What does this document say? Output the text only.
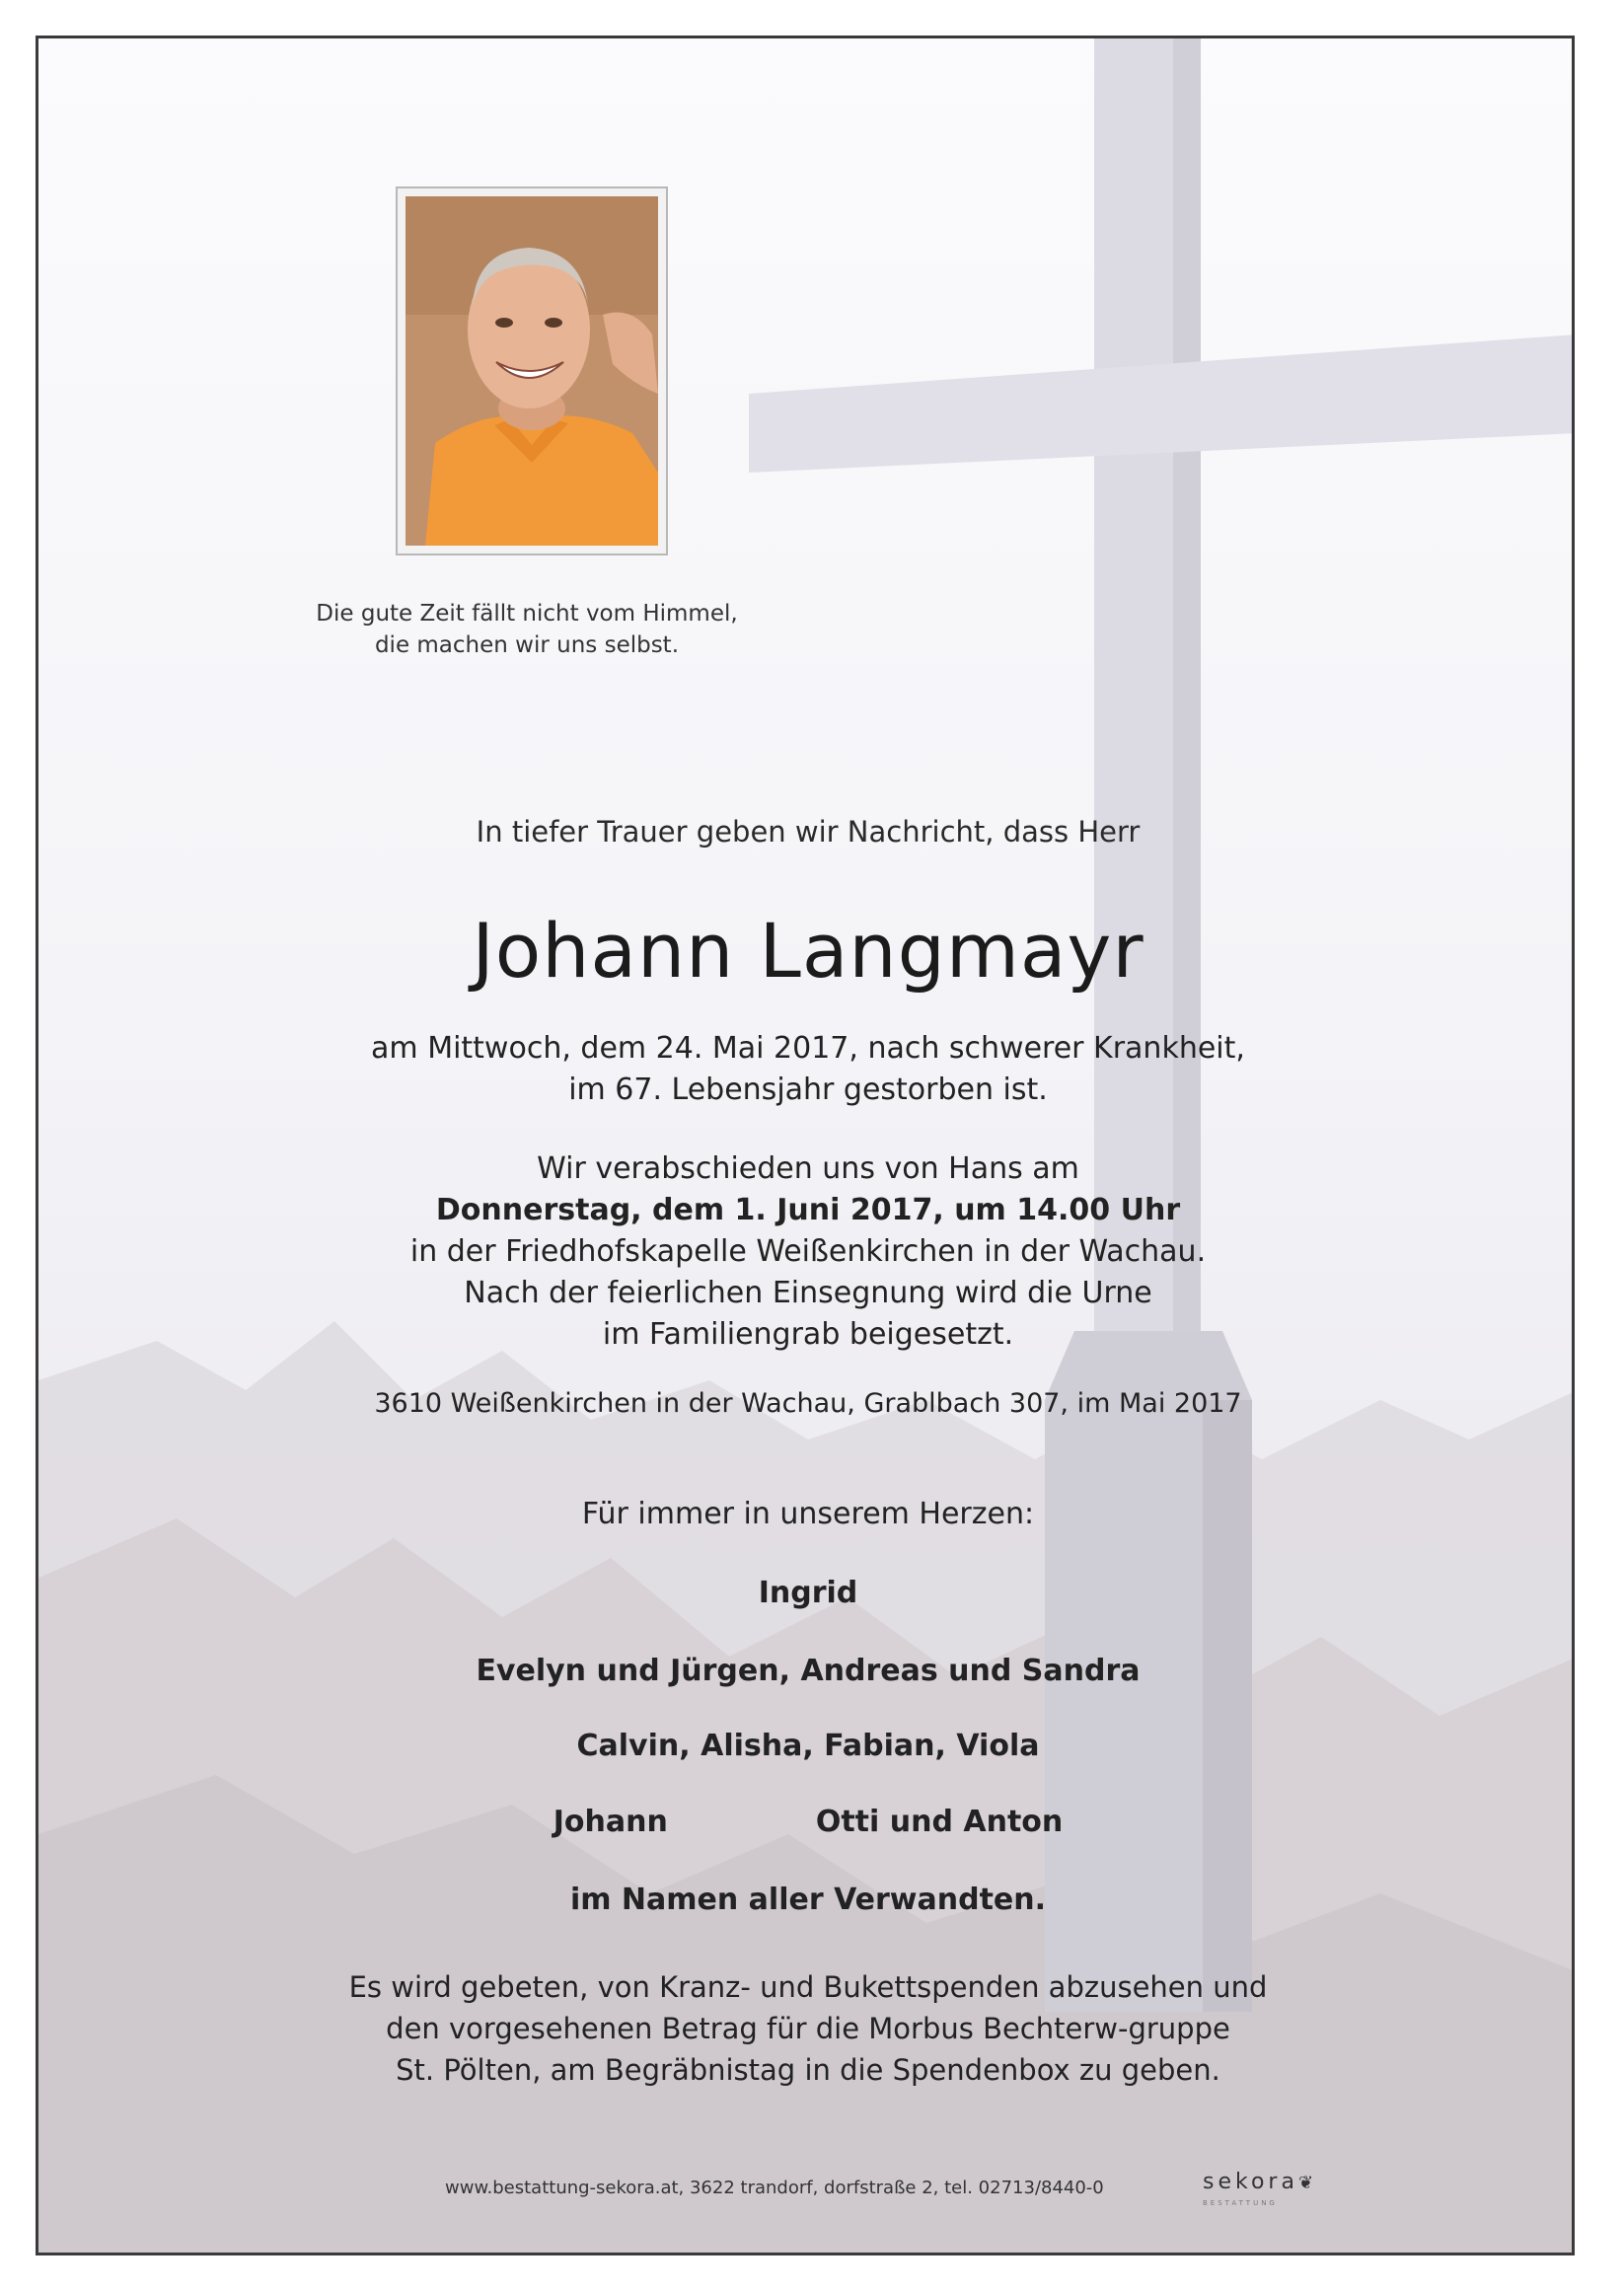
Die gute Zeit fällt nicht vom Himmel,
die machen wir uns selbst.
In tiefer Trauer geben wir Nachricht, dass Herr
Johann Langmayr
am Mittwoch, dem 24. Mai 2017, nach schwerer Krankheit,
im 67. Lebensjahr gestorben ist.
Wir verabschieden uns von Hans am
Donnerstag, dem 1. Juni 2017, um 14.00 Uhr
in der Friedhofskapelle Weißenkirchen in der Wachau.
Nach der feierlichen Einsegnung wird die Urne
im Familiengrab beigesetzt.
3610 Weißenkirchen in der Wachau, Grablbach 307, im Mai 2017
Für immer in unserem Herzen:
Ingrid
Evelyn und Jürgen, Andreas und Sandra
Calvin, Alisha, Fabian, Viola
Johann	Otti und Anton
im Namen aller Verwandten.
Es wird gebeten, von Kranz- und Bukettspenden abzusehen und
den vorgesehenen Betrag für die Morbus Bechterw-gruppe
St. Pölten, am Begräbnistag in die Spendenbox zu geben.
www.bestattung-sekora.at, 3622 trandorf, dorfstraße 2, tel. 02713/8440-0	sekora❦
BESTATTUNG
